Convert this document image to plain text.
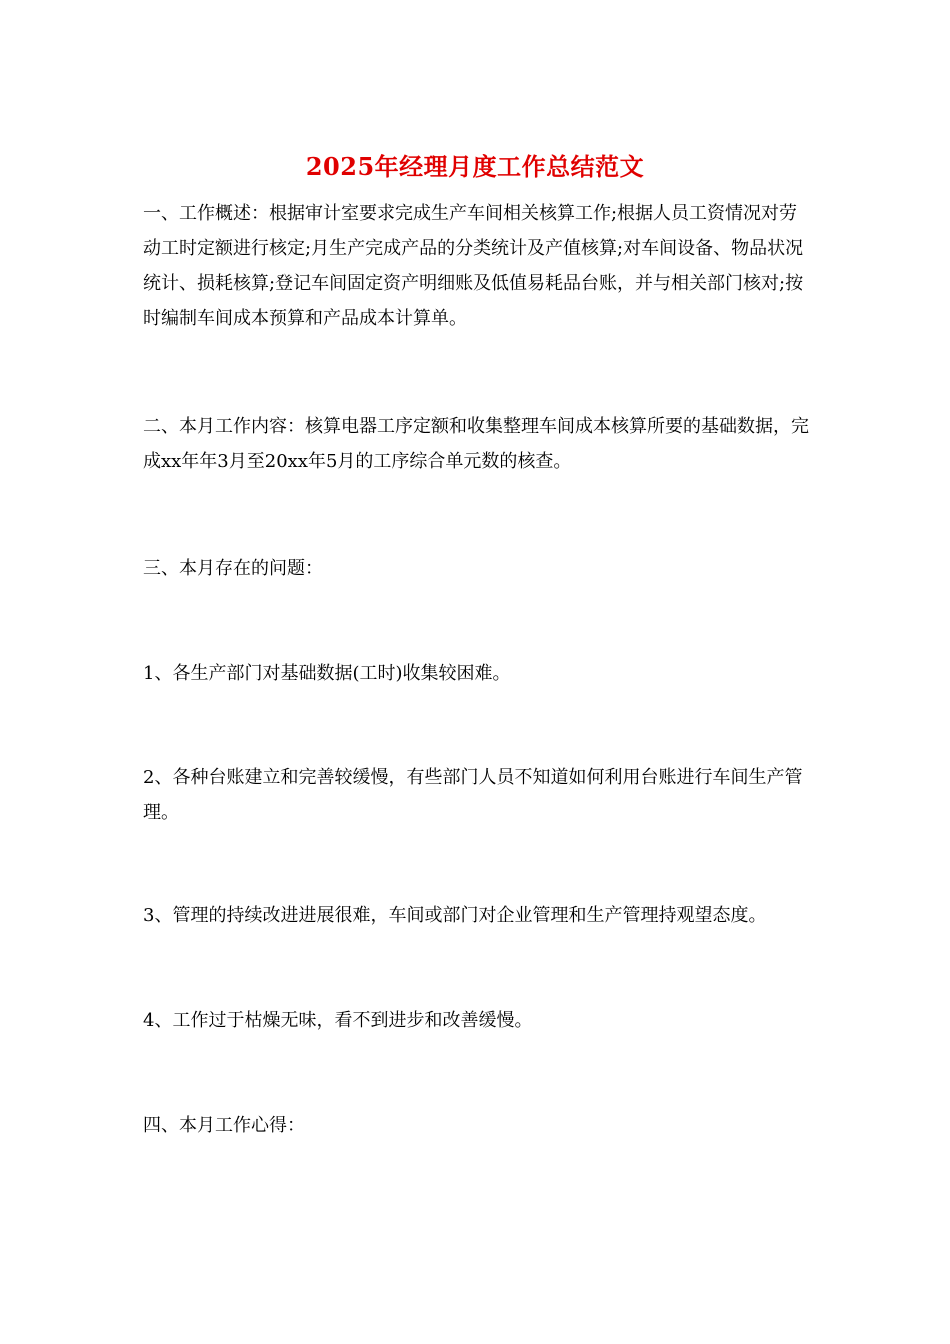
2025年经理月度工作总结范文

一、工作概述：根据审计室要求完成生产车间相关核算工作;根据人员工资情况对劳动工时定额进行核定;月生产完成产品的分类统计及产值核算;对车间设备、物品状况统计、损耗核算;登记车间固定资产明细账及低值易耗品台账，并与相关部门核对;按时编制车间成本预算和产品成本计算单。

二、本月工作内容：核算电器工序定额和收集整理车间成本核算所要的基础数据，完成xx年年3月至20xx年5月的工序综合单元数的核查。

三、本月存在的问题：

1、各生产部门对基础数据(工时)收集较困难。

2、各种台账建立和完善较缓慢，有些部门人员不知道如何利用台账进行车间生产管理。

3、管理的持续改进进展很难，车间或部门对企业管理和生产管理持观望态度。

4、工作过于枯燥无味，看不到进步和改善缓慢。

四、本月工作心得：
